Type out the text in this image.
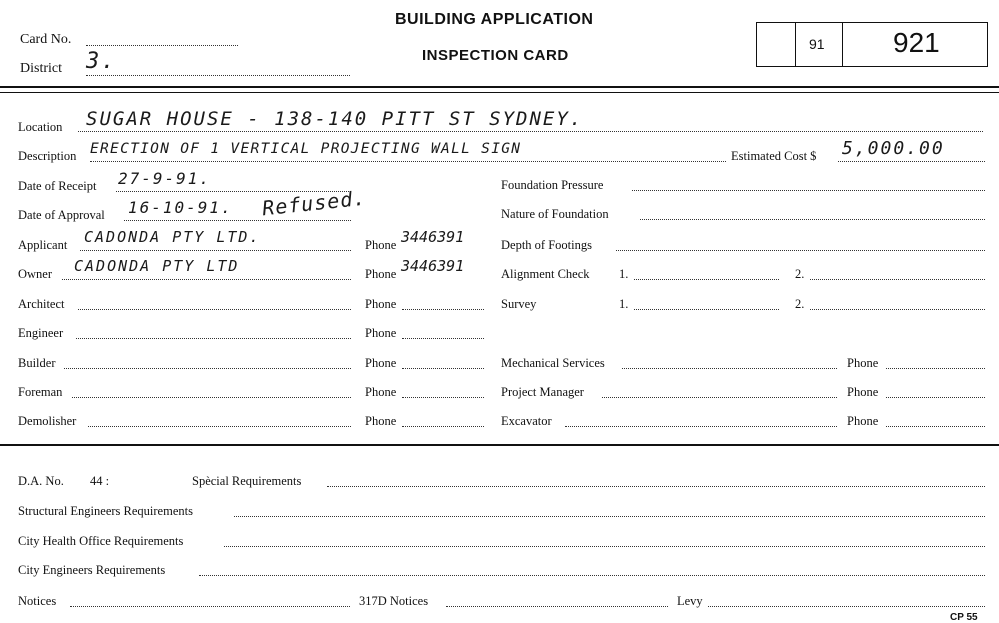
Card No.
District 3.
BUILDING APPLICATION
INSPECTION CARD
91 921
Location SUGAR HOUSE - 138-140 PITT ST SYDNEY.
Description ERECTION OF 1 VERTICAL PROJECTING WALL SIGN	Estimated Cost $ 5,000.00
Date of Receipt 27-9-91.	Foundation Pressure
Date of Approval 16-10-91. Refused.	Nature of Foundation
Applicant CADONDA PTY LTD.	Phone 3446391	Depth of Footings
Owner CADONDA PTY LTD	Phone 3446391	Alignment Check 1.	2.
Architect	Phone	Survey	1.	2.
Engineer	Phone
Builder	Phone	Mechanical Services	Phone
Foreman	Phone	Project Manager	Phone
Demolisher	Phone	Excavator	Phone
D.A. No. 44 :	Spècial Requirements
Structural Engineers Requirements
City Health Office Requirements
City Engineers Requirements
Notices	317D Notices	Levy
CP 55
